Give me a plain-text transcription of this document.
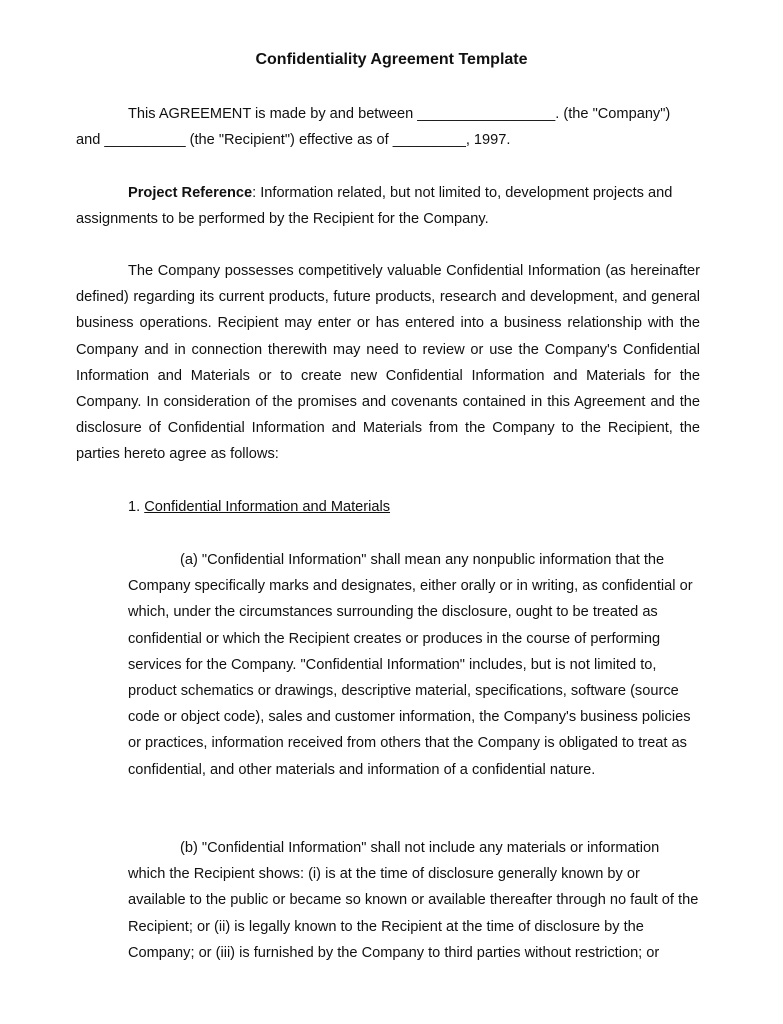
Confidentiality Agreement Template

This AGREEMENT is made by and between _________________. (the "Company")

and __________ (the "Recipient") effective as of _________, 1997.

Project Reference: Information related, but not limited to, development projects and assignments to be performed by the Recipient for the Company.

The Company possesses competitively valuable Confidential Information (as hereinafter defined) regarding its current products, future products, research and development, and general business operations. Recipient may enter or has entered into a business relationship with the Company and in connection therewith may need to review or use the Company's Confidential Information and Materials or to create new Confidential Information and Materials for the Company. In consideration of the promises and covenants contained in this Agreement and the disclosure of Confidential Information and Materials from the Company to the Recipient, the parties hereto agree as follows:

1. Confidential Information and Materials

(a) "Confidential Information" shall mean any nonpublic information that the Company specifically marks and designates, either orally or in writing, as confidential or which, under the circumstances surrounding the disclosure, ought to be treated as confidential or which the Recipient creates or produces in the course of performing services for the Company. "Confidential Information" includes, but is not limited to, product schematics or drawings, descriptive material, specifications, software (source code or object code), sales and customer information, the Company's business policies or practices, information received from others that the Company is obligated to treat as confidential, and other materials and information of a confidential nature.

(b) "Confidential Information" shall not include any materials or information which the Recipient shows: (i) is at the time of disclosure generally known by or available to the public or became so known or available thereafter through no fault of the Recipient; or (ii) is legally known to the Recipient at the time of disclosure by the Company; or (iii) is furnished by the Company to third parties without restriction; or
